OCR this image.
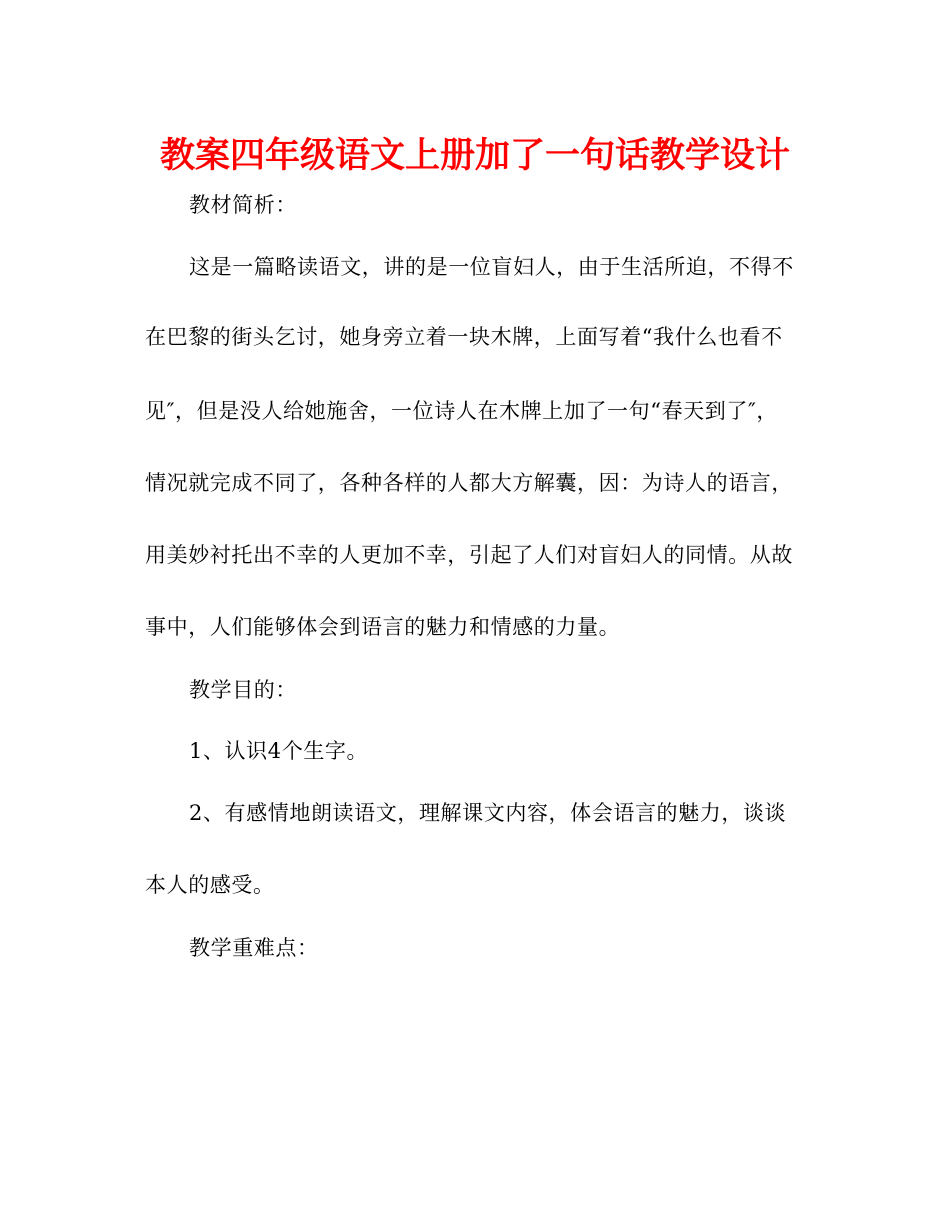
教案四年级语文上册加了一句话教学设计
教材简析：
这是一篇略读语文，讲的是一位盲妇人，由于生活所迫，不得不
在巴黎的街头乞讨，她身旁立着一块木牌，上面写着“我什么也看不
见″，但是没人给她施舍，一位诗人在木牌上加了一句“春天到了″，
情况就完成不同了，各种各样的人都大方解囊，因：为诗人的语言，
用美妙衬托出不幸的人更加不幸，引起了人们对盲妇人的同情。从故
事中，人们能够体会到语言的魅力和情感的力量。
教学目的：
1、认识4个生字。
2、有感情地朗读语文，理解课文内容，体会语言的魅力，谈谈
本人的感受。
教学重难点：
